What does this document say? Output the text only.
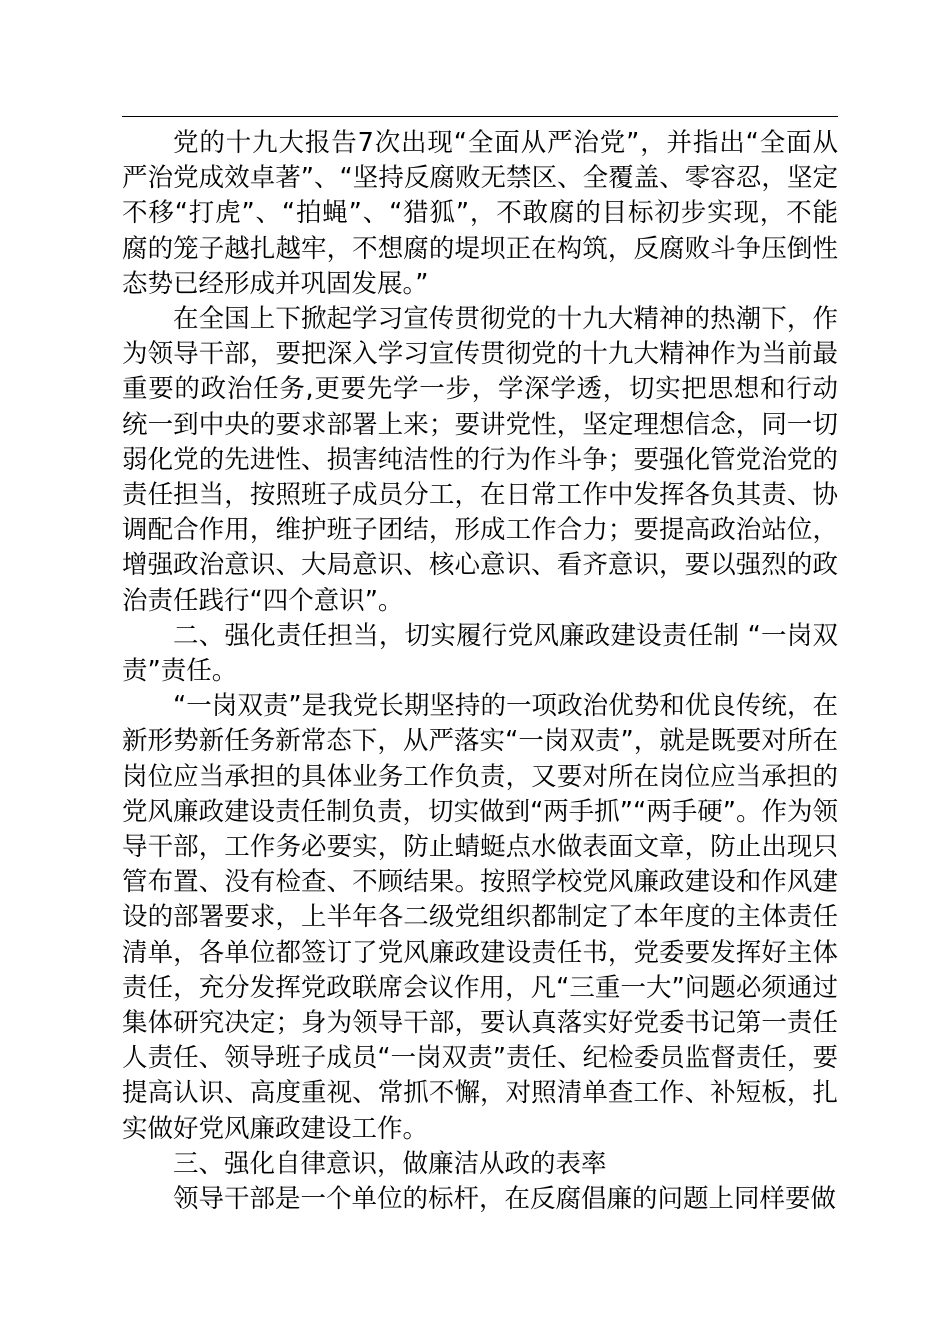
党的十九大报告7次出现“全面从严治党”，并指出“全面从严治党成效卓著”、“坚持反腐败无禁区、全覆盖、零容忍，坚定不移“打虎”、“拍蝇”、“猎狐”，不敢腐的目标初步实现，不能腐的笼子越扎越牢，不想腐的堤坝正在构筑，反腐败斗争压倒性态势已经形成并巩固发展。”

在全国上下掀起学习宣传贯彻党的十九大精神的热潮下，作为领导干部，要把深入学习宣传贯彻党的十九大精神作为当前最重要的政治任务,更要先学一步，学深学透，切实把思想和行动统一到中央的要求部署上来；要讲党性，坚定理想信念，同一切弱化党的先进性、损害纯洁性的行为作斗争；要强化管党治党的责任担当，按照班子成员分工，在日常工作中发挥各负其责、协调配合作用，维护班子团结，形成工作合力；要提高政治站位，增强政治意识、大局意识、核心意识、看齐意识，要以强烈的政治责任践行“四个意识”。

二、强化责任担当，切实履行党风廉政建设责任制 “一岗双责”责任。

“一岗双责”是我党长期坚持的一项政治优势和优良传统，在新形势新任务新常态下，从严落实“一岗双责”，就是既要对所在岗位应当承担的具体业务工作负责，又要对所在岗位应当承担的党风廉政建设责任制负责，切实做到“两手抓”“两手硬”。作为领导干部，工作务必要实，防止蜻蜓点水做表面文章，防止出现只管布置、没有检查、不顾结果。按照学校党风廉政建设和作风建设的部署要求，上半年各二级党组织都制定了本年度的主体责任清单，各单位都签订了党风廉政建设责任书，党委要发挥好主体责任，充分发挥党政联席会议作用，凡“三重一大”问题必须通过集体研究决定；身为领导干部，要认真落实好党委书记第一责任人责任、领导班子成员“一岗双责”责任、纪检委员监督责任，要提高认识、高度重视、常抓不懈，对照清单查工作、补短板，扎实做好党风廉政建设工作。

三、强化自律意识，做廉洁从政的表率

领导干部是一个单位的标杆，在反腐倡廉的问题上同样要做
